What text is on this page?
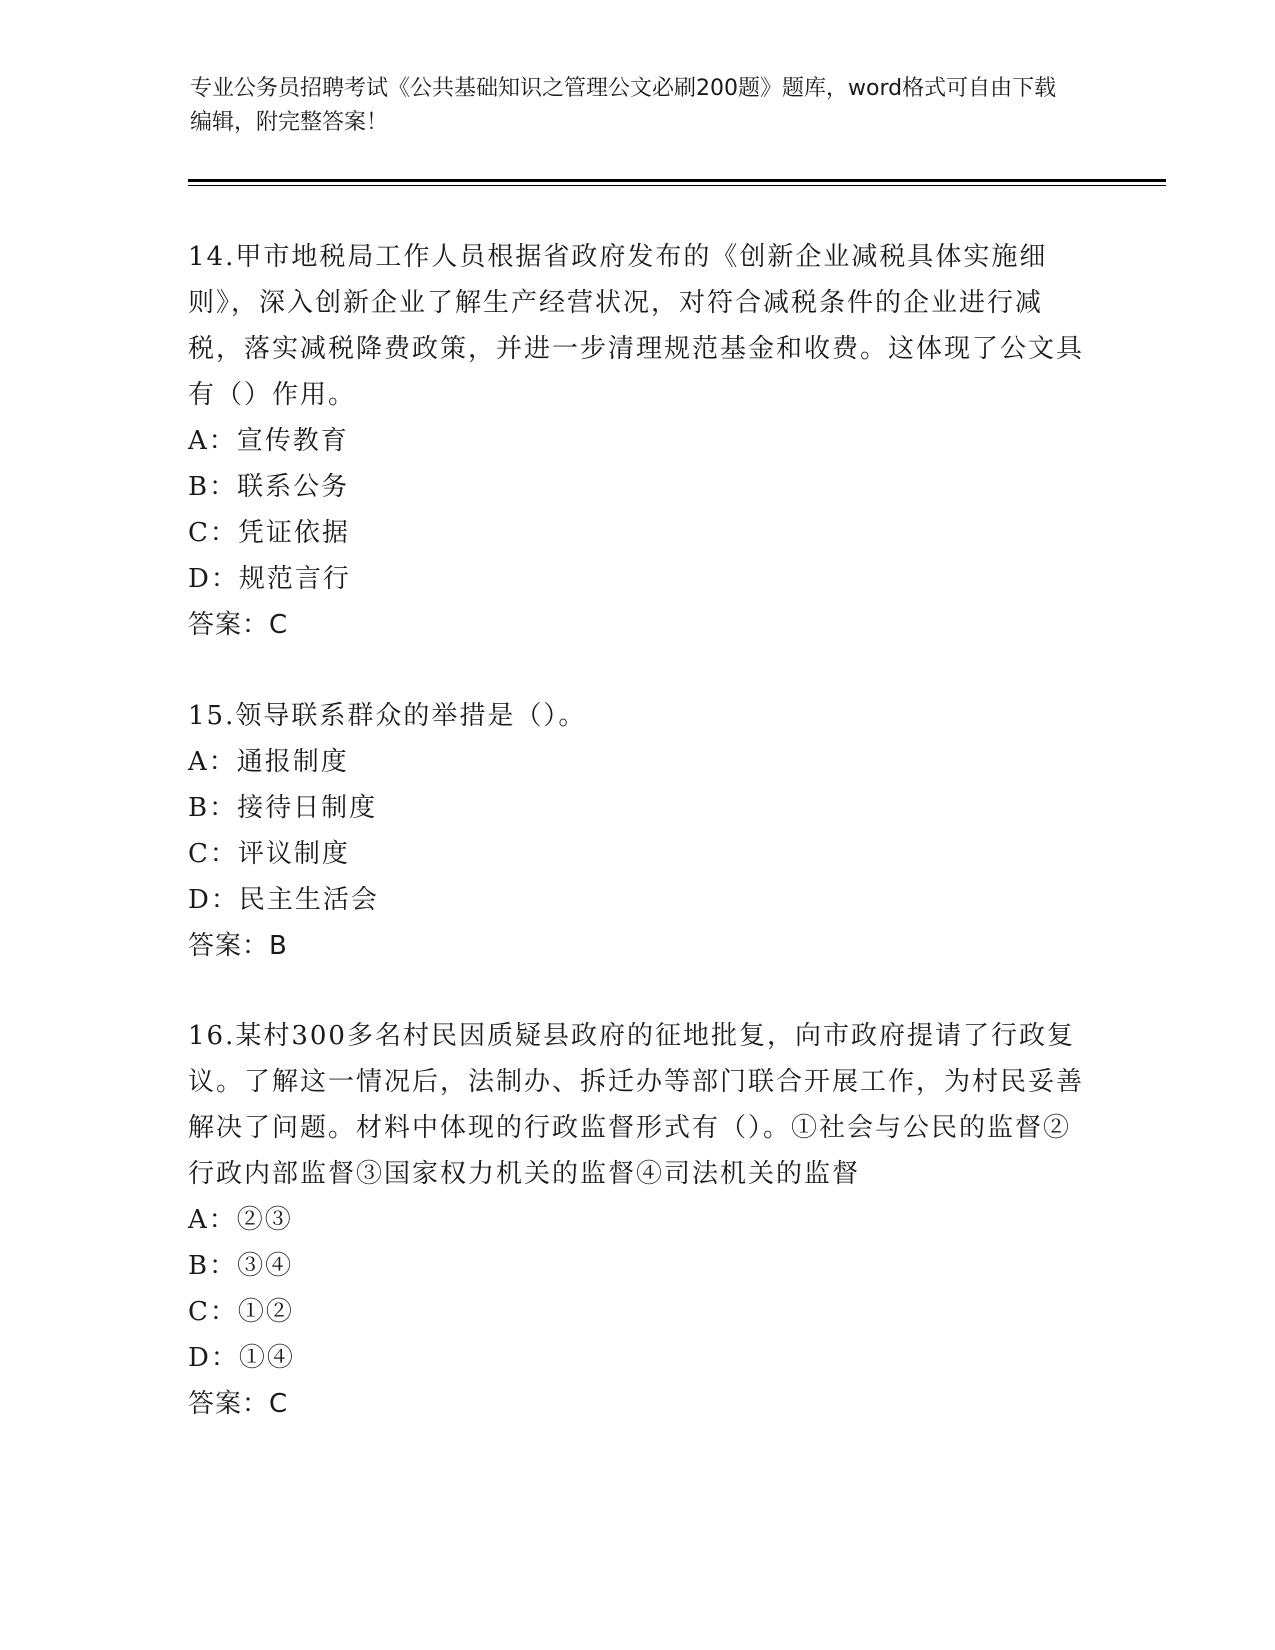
专业公务员招聘考试《公共基础知识之管理公文必刷200题》题库，word格式可自由下载编辑，附完整答案！
14.甲市地税局工作人员根据省政府发布的《创新企业减税具体实施细则》，深入创新企业了解生产经营状况，对符合减税条件的企业进行减税，落实减税降费政策，并进一步清理规范基金和收费。这体现了公文具有（）作用。
A：宣传教育
B：联系公务
C：凭证依据
D：规范言行
答案：C
15.领导联系群众的举措是（）。
A：通报制度
B：接待日制度
C：评议制度
D：民主生活会
答案：B
16.某村300多名村民因质疑县政府的征地批复，向市政府提请了行政复议。了解这一情况后，法制办、拆迁办等部门联合开展工作，为村民妥善解决了问题。材料中体现的行政监督形式有（）。①社会与公民的监督②行政内部监督③国家权力机关的监督④司法机关的监督
A：②③
B：③④
C：①②
D：①④
答案：C
